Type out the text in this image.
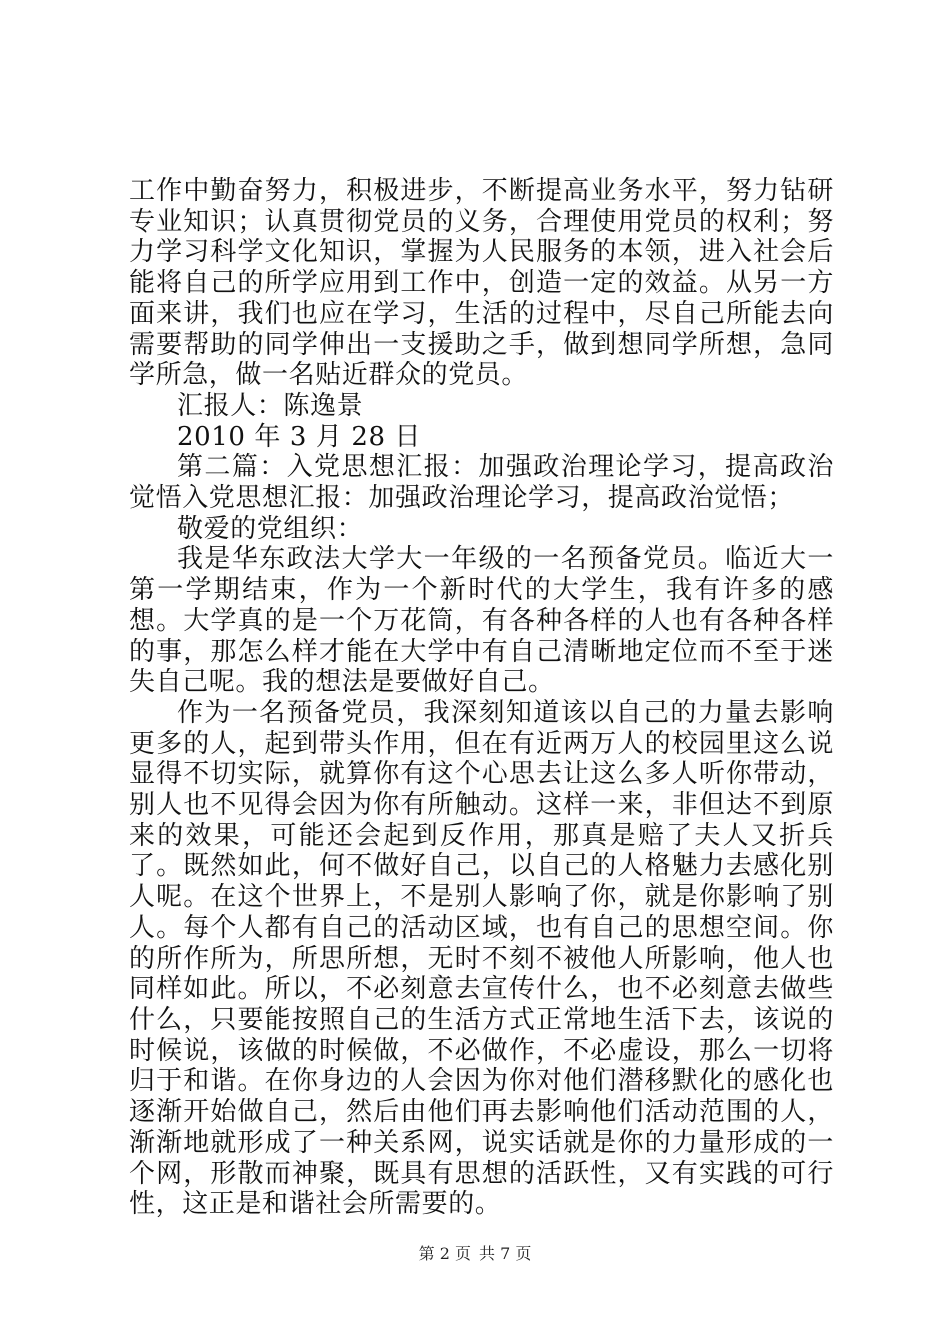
工作中勤奋努力，积极进步，不断提高业务水平，努力钻研专业知识；认真贯彻党员的义务，合理使用党员的权利；努力学习科学文化知识，掌握为人民服务的本领，进入社会后能将自己的所学应用到工作中，创造一定的效益。从另一方面来讲，我们也应在学习，生活的过程中，尽自己所能去向需要帮助的同学伸出一支援助之手，做到想同学所想，急同学所急，做一名贴近群众的党员。

汇报人：陈逸景

2010 年 3 月 28 日

第二篇：入党思想汇报：加强政治理论学习，提高政治觉悟入党思想汇报：加强政治理论学习，提高政治觉悟；

敬爱的党组织：

我是华东政法大学大一年级的一名预备党员。临近大一第一学期结束，作为一个新时代的大学生，我有许多的感想。大学真的是一个万花筒，有各种各样的人也有各种各样的事，那怎么样才能在大学中有自己清晰地定位而不至于迷失自己呢。我的想法是要做好自己。

作为一名预备党员，我深刻知道该以自己的力量去影响更多的人，起到带头作用，但在有近两万人的校园里这么说显得不切实际，就算你有这个心思去让这么多人听你带动，别人也不见得会因为你有所触动。这样一来，非但达不到原来的效果，可能还会起到反作用，那真是赔了夫人又折兵了。既然如此，何不做好自己，以自己的人格魅力去感化别人呢。在这个世界上，不是别人影响了你，就是你影响了别人。每个人都有自己的活动区域，也有自己的思想空间。你的所作所为，所思所想，无时不刻不被他人所影响，他人也同样如此。所以，不必刻意去宣传什么，也不必刻意去做些什么，只要能按照自己的生活方式正常地生活下去，该说的时候说，该做的时候做，不必做作，不必虚设，那么一切将归于和谐。在你身边的人会因为你对他们潜移默化的感化也逐渐开始做自己，然后由他们再去影响他们活动范围的人，渐渐地就形成了一种关系网，说实话就是你的力量形成的一个网，形散而神聚，既具有思想的活跃性，又有实践的可行性，这正是和谐社会所需要的。

第 2 页 共 7 页
